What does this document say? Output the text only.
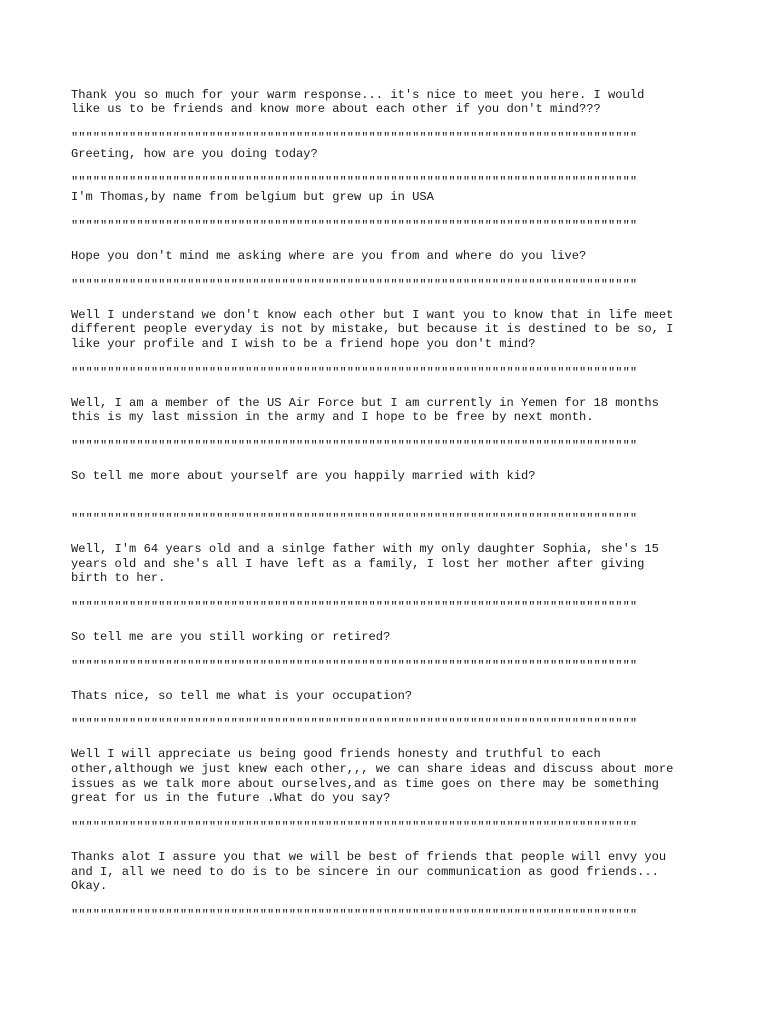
Thank you so much for your warm response... it's nice to meet you here. I would

like us to be friends and know more about each other if you don't mind???

""""""""""""""""""""""""""""""""""""""""""""""""""""""""""""""""""""""""""""""

Greeting, how are you doing today?

""""""""""""""""""""""""""""""""""""""""""""""""""""""""""""""""""""""""""""""

I'm Thomas,by name from belgium but grew up in USA

""""""""""""""""""""""""""""""""""""""""""""""""""""""""""""""""""""""""""""""

Hope you don't mind me asking where are you from and where do you live?

""""""""""""""""""""""""""""""""""""""""""""""""""""""""""""""""""""""""""""""

Well I understand we don't know each other but I want you to know that in life meet

different people everyday is not by mistake, but because it is destined to be so, I

like your profile and I wish to be a friend hope you don't mind?

""""""""""""""""""""""""""""""""""""""""""""""""""""""""""""""""""""""""""""""

Well, I am a member of the US Air Force but I am currently in Yemen for 18 months

this is my last mission in the army and I hope to be free by next month.

""""""""""""""""""""""""""""""""""""""""""""""""""""""""""""""""""""""""""""""

So tell me more about yourself are you happily married with kid?

""""""""""""""""""""""""""""""""""""""""""""""""""""""""""""""""""""""""""""""

Well, I'm 64 years old and a sinlge father with my only daughter Sophia, she's 15

years old and she's all I have left as a family, I lost her mother after giving

birth to her.

""""""""""""""""""""""""""""""""""""""""""""""""""""""""""""""""""""""""""""""

So tell me are you still working or retired?

""""""""""""""""""""""""""""""""""""""""""""""""""""""""""""""""""""""""""""""

Thats nice, so tell me what is your occupation?

""""""""""""""""""""""""""""""""""""""""""""""""""""""""""""""""""""""""""""""

Well I will appreciate us being good friends honesty and truthful to each

other,although we just knew each other,,, we can share ideas and discuss about more

issues as we talk more about ourselves,and as time goes on there may be something

great for us in the future .What do you say?

""""""""""""""""""""""""""""""""""""""""""""""""""""""""""""""""""""""""""""""

Thanks alot I assure you that we will be best of friends that people will envy you

and I, all we need to do is to be sincere in our communication as good friends...

Okay.

""""""""""""""""""""""""""""""""""""""""""""""""""""""""""""""""""""""""""""""
